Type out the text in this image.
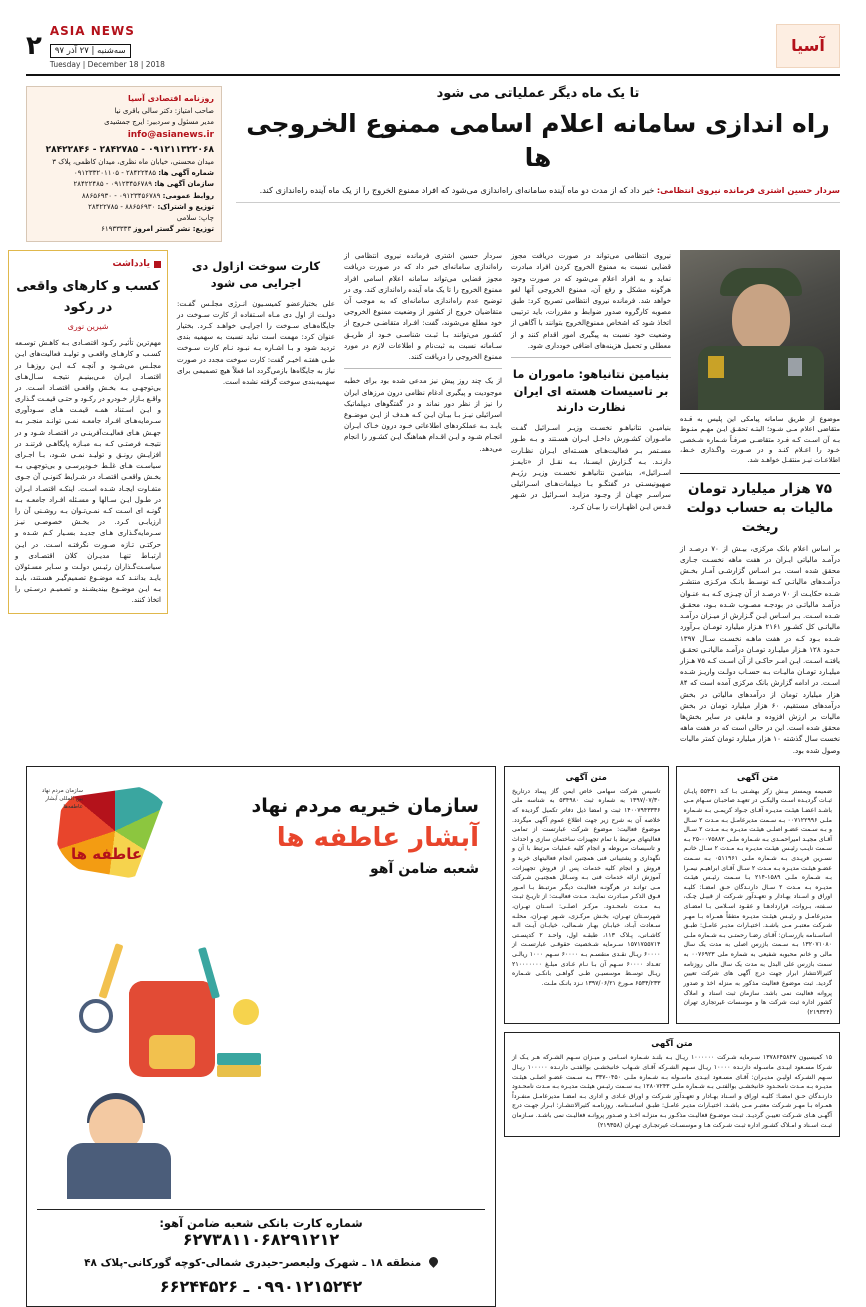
آسیا
ASIA NEWS
سه‌شنبه | ۲۷ آذر ۹۷
Tuesday | December 18 | 2018
۲
تا یک ماه دیگر عملیاتی می شود
راه اندازی سامانه اعلام اسامی ممنوع الخروجی ها
سردار حسین اشتری فرمانده نیروی انتظامی: خبر داد که از مدت دو ماه آینده سامانه‌ای راه‌اندازی می‌شود که افراد ممنوع الخروج را از یک ماه آینده راه‌اندازی کند.
روزنامه اقتصادی آسیا
صاحب امتیاز: دکتر سالی باقری نیا
مدیر مسئول و سردبیر: ایرج جمشیدی
info@asianews.ir
۰۹۱۲۱۱۳۲۲۰۶۸ - ۲۸۴۲۷۸۵ - ۲۸۴۲۲۸۴۶
میدان محسنی، خیابان ماه نظری، میدان کاظمی، پلاک ۳
شماره آگهی ها: ۲۸۴۲۲۴۸۵ - ۰۹۱۲۳۳۲۰۱۱۰۵
سازمان آگهی ها: ۰۹۱۲۳۴۵۶۷۸۹ - ۲۸۴۲۲۴۸۵
روابط عمومی: ۰۹۱۲۳۴۵۶۷۸۹ - ۸۸۶۵۶۹۳۰
توزیع و اشتراک: ۸۸۶۵۶۹۳۰ - ۲۸۴۲۲۷۸۵
چاپ: سلامی
توزیع: نشر گستر امروز ۶۱۹۳۳۳۳۳
موضوع از طریق سامانه پیامکی این پلیس به قـده متقاضی اعلام مـی شـود؛ البتـه تحقـق ایـن مهـم منـوط بـه آن اسـت کـه فـرد متقاضـی صرفـاً شـماره شـخصی خـود را اعـلام کنـد و در صـورت واگـذاری خـط، اطلاعـات نیـز منتقـل خواهـد شد.
۷۵ هزار میلیارد تومان مالیات به حساب دولت ریخت
بر اساس اعلام بانک مرکزی، بیـش از ۷۰ درصـد از درآمـد مالیاتی ایـران در هفت ماهه نخسـت جـاری محقق شده است. بـر اسـاس گزارشـی آمـار بخـش درآمـدهای مالیاتـی کـه توسـط بانـک مرکـزی منتشـر شـده حکایـت از ۷۰ درصـد از آن چیـزی کـه بـه عنـوان درآمـد مالیاتـی در بودجـه مصـوب شـده بـود، محقـق شـده اسـت. بـر اسـاس ایـن گـزارش از میـزان درآمـد مالیاتـی کل کشـور ۲۱۶۱ هـزار میلیارد تومـان بـرآورد شـده بـود کـه در هفت ماهـه نخسـت سـال ۱۳۹۷ حـدود ۱۲۸ هـزار میلیـارد تومـان درآمـد مالیاتـی تحقـق یافتـه اسـت. ایـن امـر حاکـی از آن اسـت کـه ۷۵ هـزار میلیـارد تومـان مالیـات بـه حسـاب دولـت واریـز شـده اسـت. در ادامه گزارش بانک مرکزی آمده است که ۸۴ هزار میلیارد تومان از درآمدهای مالیاتی در بخش درآمدهای مستقیم، ۶۰ هزار میلیارد تومان در بخش مالیات بر ارزش افزوده و مابقی در سایر بخش‌ها محقق شده است. این در حالی است که در هفت ماهه نخست سال گذشته ۱۰ هزار میلیارد تومان کمتر مالیات وصول شده بود.
نیروی انتظامی می‌تواند در صورت دریافت مجوز قضایی نسبت به ممنوع الخروج کردن افراد مبادرت نماید و به افراد اعلام می‌شود که در صورت وجود هرگونه مشکل و رفع آن، ممنوع الخروجی آنها لغو خواهد شد. فرمانده نیروی انتظامی تصریح کرد: طبق مصوبه کارگروه صدور ضوابط و مقررات، باید ترتیبی اتخاذ شود که اشخاص ممنوع‌الخروج بتوانند با آگاهی از وضعیت خود نسبت به پیگیری امور اقدام کنند و از معطلی و تحمیل هزینه‌های اضافی خودداری شود.
بنیامین نتانیاهو: ماموران ما بر تاسیسات هسته ای ایران نظارت دارند
بنیامیـن نتانیاهـو نخسـت وزیـر اسـرائیل گفـت مامـوران کشـورش داخـل ایـران هسـتند و بـه طـور مسـتمر بـر فعالیت‌هـای هسـته‌ای ایـران نظـارت دارنـد. بـه گـزارش ایسـنا، بـه نقـل از «تایمـز اسـرائیل»، بنیامیـن نتانیاهـو نخسـت وزیـر رژیـم صهیونیسـتی در گفتگـو بـا دیپلمات‌هـای اسـرائیلی سراسـر جهـان از وجـود مزایـد اسـرائیل در شـهر قـدس ایـن اظهـارات را بیـان کـرد.
سردار حسین اشتری فرمانده نیروی انتظامی از راه‌اندازی سامانه‌ای خبر داد که در صورت دریافت مجوز قضایی می‌تواند سامانه اعلام اسامی افراد ممنوع الخروج را تا یک ماه آینده راه‌اندازی کند. وی در توضیح عدم راه‌اندازی سامانه‌ای که به موجب آن متقاضیان خروج از کشور از وضعیت ممنوع الخروجی خود مطلع می‌شوند، گفت: افـراد متقاضـی خـروج از کشـور می‌توانند بـا ثبـت شناسـی خـود از طریـق سـامانه نسبت به ثبت‌نام و اطلاعات لازم در مورد ممنوع الخروجی را دریافت کنند.
از یک چند روز پیش نیز مدعی شده بود برای خطبه موجودیت و پیگیری ادغام نظامی درون مرزهای ایران را نیز از نظر دور نماند و در گفتگوهای دیپلماتیک اسرائیلی نیـز بـا بیـان ایـن کـه هـدف از ایـن موضـوع بایـد بـه عملکردهای اطلاعاتی خـود درون خـاک ایـران انجـام شـود و ایـن اقـدام هماهنگ ایـن کشـور را انجام می‌دهد.
کارت سوخت ازاول دی اجرایی می شود
علی بختیارعضو کمیسـیون انـرژی مجلـس گفـت: دولـت از اول دی مـاه اسـتفاده از کارت سـوخت در جایگاه‌هـای سـوخت را اجرایـی خواهـد کـرد. بختیار عنوان کرد: مهمت است نباید نسبت به سهمیه بندی تردید شود و بـا اشـاره بـه نبـود نـام کارت سـوخت طـی هفتـه اخیـر گفت: کارت سوخت مجدد در صورت نیاز به جایگاه‌ها بازمی‌گردد اما فعلاً هیچ تصمیمی برای سهمیه‌بندی سوخت گرفته نشده است.
یادداشت
کسب و کارهای واقعی در رکود
شیرین نوری
مهم‌ترین تأثیـر رکـود اقتصـادی بـه کاهـش توسـعه کسـب و کارهـای واقعـی و تولیـد فعالیت‌های ایـن مجلـس می‌شـود و آنچـه کـه ایـن روزهـا در اقتصـاد ایـران مـی‌بینیـم نتیجـه سـال‌هـای بی‌توجهـی بـه بخـش واقعـی اقتصـاد اسـت. در واقـع بـازار خـودرو در رکـود و حتـی قیمـت گـذاری و ایـن اسـتناد همـه قیمـت هـای سـودآوری سـرمایه‌هـای افـراد جامعـه نمـی توانـد منجـر بـه جهـش هـای فعالیـت‌آفرینـی در اقتصـاد شـود و در نتیجـه فرصتـی کـه بـه مبـازه پایگاهـی فرتنـد در افزایـش رونـق و تولیـد نمـی شـود، بـا اجـرای سیاسـت هـای غلـط خـودپرسـی و بی‌توجهـی بـه بخـش واقعـی اقتصـاد در شـرایط کنونـی آن جـوی متفـاوت ایجـاد شـده اسـت. اینکـه اقتصـاد ایـران در طـول ایـن سـالها و مسـئله افـراد جامعـه بـه گونـه ای اسـت کـه نمـی‌تـوان بـه روشـنی آن را ارزیابـی کـرد. در بخـش خصوصـی نیـز سـرمایه‌گـذاری هـای جدیـد بسـیار کـم شـده و حرکتـی تـازه صـورت نگرفتـه اسـت. در ایـن ارتبـاط تنهـا مدیـران کلان اقتصـادی و سیاسـت‌گـذاران رئیـس دولـت و سـایر مسـئولان بایـد بداننـد کـه موضـوع تصمیم‌گیـر هسـتند، بایـد بـه ایـن موضـوع بیندیشـند و تصمیـم درسـتی را اتخاذ کنند.
متن آگهی
ضمیمه ویمستر بیـش زکر بهشـتی بـا کـد ۵۵۴۴۱ پایـان ثبـات گردیـده اسـت والیکـی در تعهـد صاحبـان سـهام مـی باشـد اعضـا هیئـت مدیـره آقـای جـواد کریمـی بـه شـماره ملـی ۰۰۷۱۲۲۹۹۶ بـه سـمت مدیرعامـل بـه مـدت ۲ سـال و بـه سـمت عضـو اصلـی هیئـت مدیـره بـه مـدت ۲ سـال آقـای مجیـد امیراحمـدی بـه شـماره ملـی ۰۰۷۵۸۸۲-۲۵ بـه سـمت نایـب رئیـس هیئـت مدیـره بـه مـدت ۲ سـال خانـم نسـرین فریـدی بـه شـماره ملـی ۰۵۱۱۹۶۱ بـه سـمت عضـو هیئـت مدیـره بـه مـدت ۲ سـال آقـای ابراهیـم نیمـرا بـه شـماره ملـی ۱۵۸۹-۲۱۴ بـا سـمت رئیـس هیئـت مدیـره بـه مـدت ۲ سـال دارنـدگان حـق امضـا: کلیـه اوراق و اسـناد بهـادار و تعهـدآور شـرکت از قبیـل چـک، سـفته، بـروات، قراردادهـا و عقـود اسـلامی بـا امضـای مدیرعامـل و رئیـس هیئـت مدیـره متفقاً همـراه بـا مهـر شـرکت معتبـر مـی باشـد. اختیـارات مدیـر عامـل: طبـق اساسـنامه بازرسـان: آقـای رضـا رحمتـی بـه شـماره ملـی ۱۳۲۰۷۱۰۸۰ بـه سـمت بازرس اصلی به مدت یک سال مالی و خانم محبوبه شفیعی به شماره ملی ۰۰۷۶۹۲۳ به سمت بازرس علی البدل به مدت یک سال مالی روزنامه کثیرالانتشار ابرار جهت درج آگهی های شرکت تعیین گردید. ثبت موضوع فعالیت مذکور به منزله اخذ و صدور پروانه فعالیت نمی باشد. سازمان ثبت اسناد و املاک کشور اداره ثبت شرکت ها و موسسات غیرتجاری تهران (۲۱۹۳۲۴)
متن آگهی
تاسیس شرکت سهامی خاص ایمن گاز پیماد درتاریخ ۱۳۹۷/۰۷/۳۰ به شماره ثبت ۵۳۴۹۸۰ به شناسه ملی ۱۴۰۰۷۹۴۳۳۳۶ ثبت و امضا ذیل دفاتر تکمیل گردیده که خلاصه آن به شرح زیر جهت اطلاع عموم آگهی میگردد. موضوع فعالیت: موضوع شرکت عبارتست از تمامی فعالیتهای مرتبط با تمام تجهیزات ساختمان سازی و احداث و تاسیسات مربوطه و انجام کلیه عملیات مرتبط با آن و نگهداری و پشتیبانی فنی همچنین انجام فعالیتهای خرید و فروش و انجام کلیه خدمات پس از فروش تجهیزات، آموزش ارائه خدمات فنی بـه وسـائل همچنیـن شـرکت مـی توانـد در هرگونـه فعالیـت دیگـر مرتبـط بـا امـور فـوق الذکـر مبـادرت نمایـد. مـدت فعالیـت: از تاریـخ ثبـت بـه مـدت نامحـدود. مرکـز اصلـی: اسـتان تهـران، شهرسـتان تهـران، بخـش مرکـزی، شـهر تهـران، محلـه سـعادت آبـاد، خیابـان بهـار شـمالی، خیابـان آیـت الـه کاشـانی، پـلاک ۱۱۳، طبقـه اول، واحـد ۲ کدپسـتی ۱۵۷۱۷۵۵۷۱۴ سـرمایه شـخصیت حقوقـی عبارتسـت از ۶۰۰۰۰ ریـال نقـدی منقسـم بـه ۶۰۰۰۰ سـهم ۱۰۰۰ ریالـی تعـداد ۶۰۰۰۰ سـهم آن بـا نـام عـادی مبلـغ ۲۱۰۰۰۰۰۰۰ ریـال توسـط موسسیـن طـی گواهـی بانکـی شـماره ۶۵۳۴/۲۳۳ مـورخ ۱۳۹۷/۰۶/۲۱ نـزد بانـک ملـت.
متن آگهی
۱۵ کمیسیون ۱۳۷۸۶۴۵۸۴۷ سـرمایه شـرکت ۱۰۰۰۰۰۰ ریـال بـه بلنـد شـماره اسـامی و میـزان سـهم الشـرکه هـر یـک از شـرکا مسـعود ابیـدی ماسـوله دارنـده ۱۰۰۰۰ ریـال سـهم الشـرکه آقـای شـهاب خانبخشـی بوالفتـی دارنـده ۱۰۰۰۰۰ ریـال سـهم الشـرکه اولیـن مدیـران: آقـای مسـعود ابیـدی ماسـوله بـه شـماره ملـی ۰۴۵۰-۳۳۷ بـه سـمت عضـو اصلـی هیئـت مدیـره بـه مـدت نامحـدود خانبخشـی بوالفتـی بـه شـماره ملـی ۱۲۸۰۷۲۴۳ بـه سـمت رئیـس هیئـت مدیـره بـه مـدت نامحـدود دارنـدگان حـق امضـا: کلیـه اوراق و اسـناد بهـادار و تعهـدآور شـرکت و اوراق عـادی و اداری بـه امضـا مدیرعامـل منفـرداً همـراه بـا مهـر شـرکت معتبـر مـی باشـد. اختیـارات مدیـر عامـل: طبـق اساسـنامه. روزنامـه کثیرالانتشـار: ابـرار جهـت درج آگهـی هـای شـرکت تعییـن گردیـد. ثبـت موضـوع فعالیـت مذکـور بـه منزلـه اخـذ و صـدور پروانـه فعالیـت نمی باشـد. سـازمان ثبـت اسـناد و امـلاک کشـور اداره ثبـت شـرکت هـا و موسسـات غیرتجـاری تهـران (۲۱۹۳۵۸)
سازمان خیریه مردم نهاد
آبشار عاطفه ها
شعبه ضامن آهو
عاطفه ها
سازمان مردم نهاد بین المللی آبشار عاطفه‌ها
شماره کارت بانکی شعبه ضامن آهو:
۶۲۷۳۸۱۱۰۶۸۲۹۱۲۱۲
منطقه ۱۸ ـ شهرک ولیعصر-حیدری شمالی-کوچه گورکانی-پلاک ۴۸
۰۹۹۰۱۲۱۵۲۴۲ ـ ۶۶۲۴۴۵۲۶
